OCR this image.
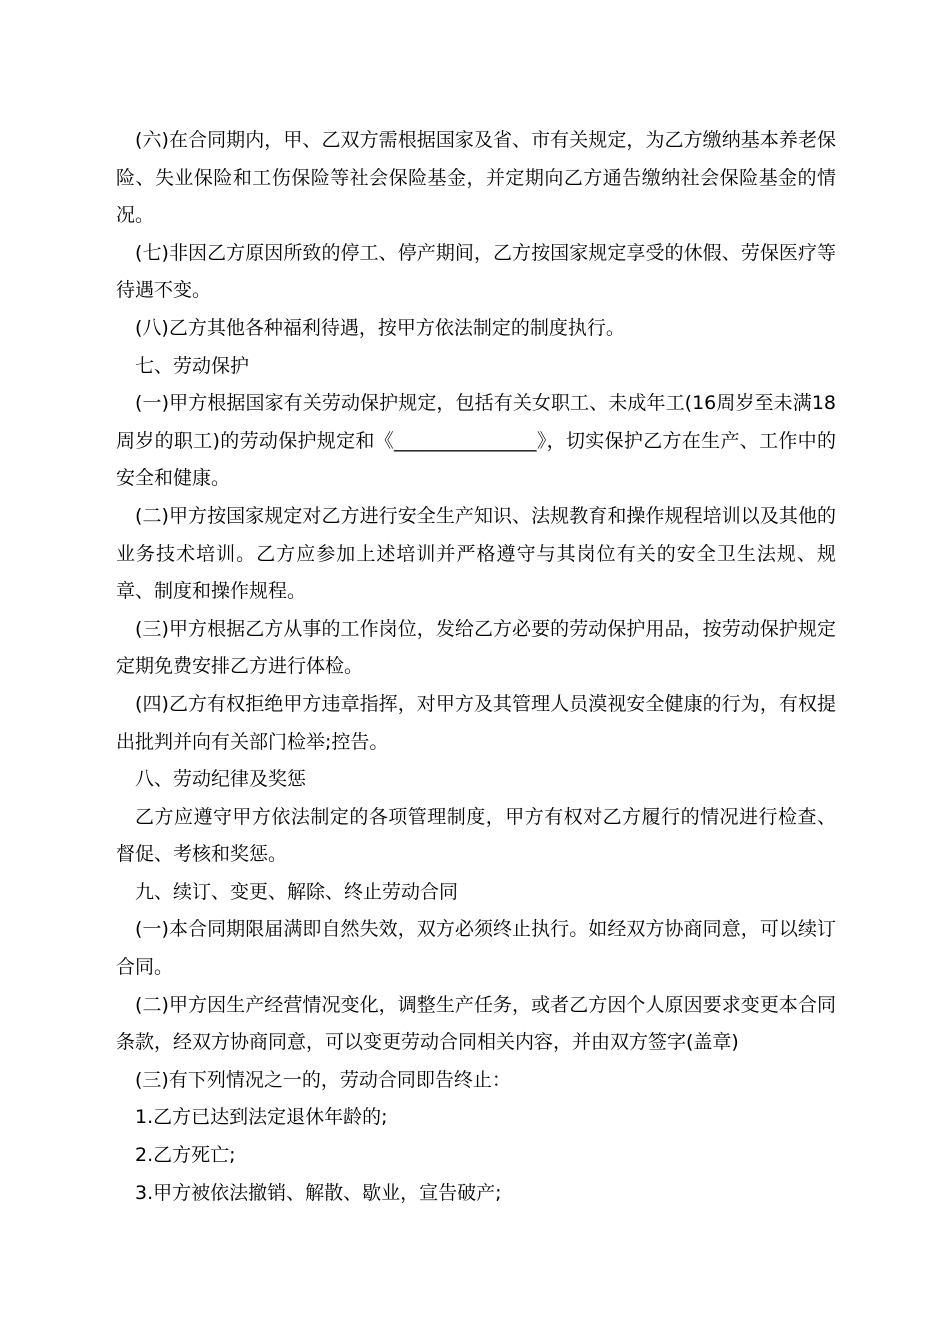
(六)在合同期内，甲、乙双方需根据国家及省、市有关规定，为乙方缴纳基本养老保险、失业保险和工伤保险等社会保险基金，并定期向乙方通告缴纳社会保险基金的情况。

(七)非因乙方原因所致的停工、停产期间，乙方按国家规定享受的休假、劳保医疗等待遇不变。

(八)乙方其他各种福利待遇，按甲方依法制定的制度执行。

七、劳动保护

(一)甲方根据国家有关劳动保护规定，包括有关女职工、未成年工(16周岁至未满18周岁的职工)的劳动保护规定和《_______________》，切实保护乙方在生产、工作中的安全和健康。

(二)甲方按国家规定对乙方进行安全生产知识、法规教育和操作规程培训以及其他的业务技术培训。乙方应参加上述培训并严格遵守与其岗位有关的安全卫生法规、规章、制度和操作规程。

(三)甲方根据乙方从事的工作岗位，发给乙方必要的劳动保护用品，按劳动保护规定定期免费安排乙方进行体检。

(四)乙方有权拒绝甲方违章指挥，对甲方及其管理人员漠视安全健康的行为，有权提出批判并向有关部门检举;控告。

八、劳动纪律及奖惩

乙方应遵守甲方依法制定的各项管理制度，甲方有权对乙方履行的情况进行检查、督促、考核和奖惩。

九、续订、变更、解除、终止劳动合同

(一)本合同期限届满即自然失效，双方必须终止执行。如经双方协商同意，可以续订合同。

(二)甲方因生产经营情况变化，调整生产任务，或者乙方因个人原因要求变更本合同条款，经双方协商同意，可以变更劳动合同相关内容，并由双方签字(盖章)

(三)有下列情况之一的，劳动合同即告终止：

1.乙方已达到法定退休年龄的;

2.乙方死亡;

3.甲方被依法撤销、解散、歇业，宣告破产;
